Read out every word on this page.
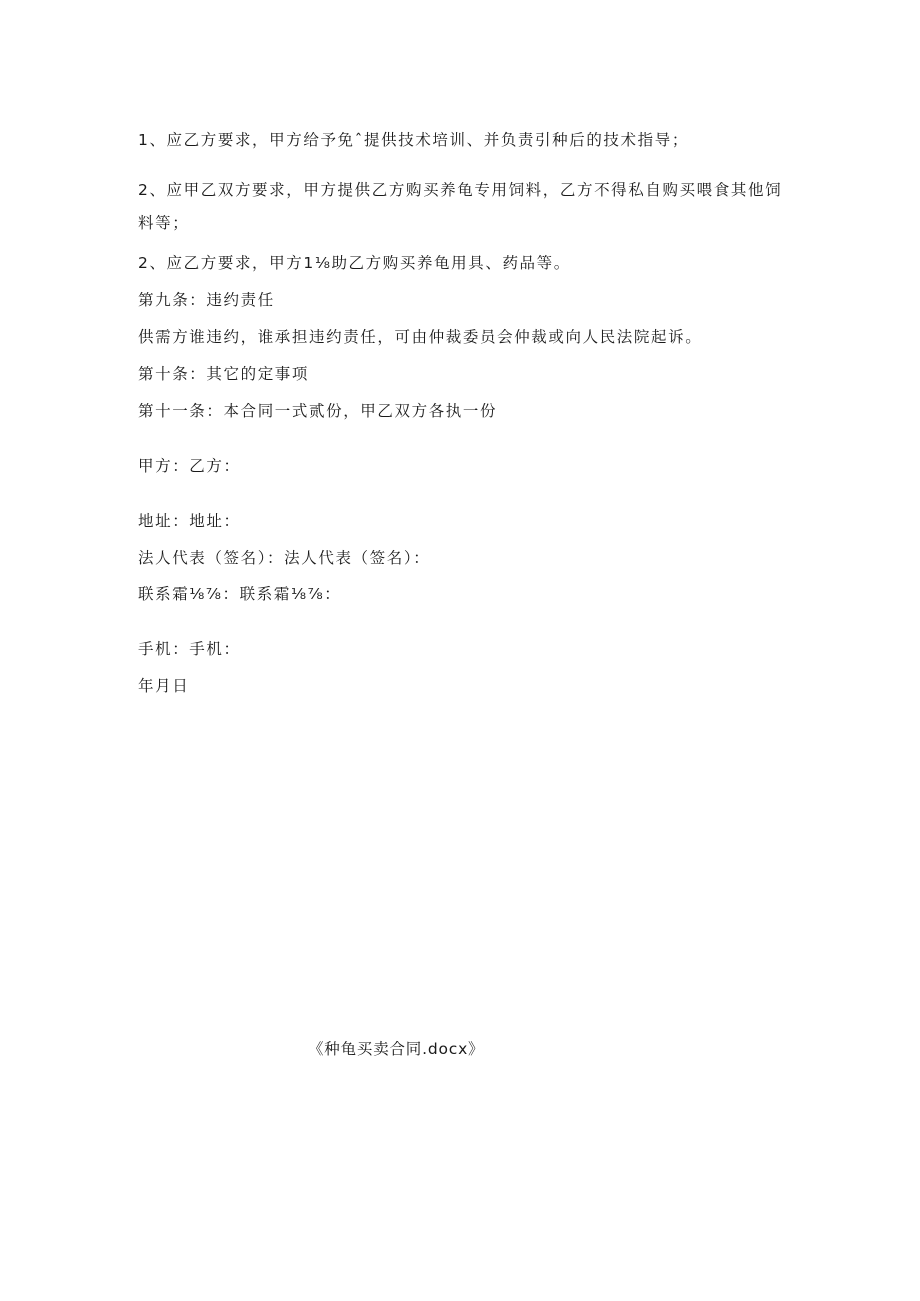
1、应乙方要求，甲方给予免ˆ提供技术培训、并负责引种后的技术指导；
2、应甲乙双方要求，甲方提供乙方购买养龟专用饲料，乙方不得私自购买喂食其他饲
料等；
2、应乙方要求，甲方1⅛助乙方购买养龟用具、药品等。
第九条：违约责任
供需方谁违约，谁承担违约责任，可由仲裁委员会仲裁或向人民法院起诉。
第十条：其它的定事项
第十一条：本合同一式贰份，甲乙双方各执一份
甲方：乙方：
地址：地址：
法人代表（签名）：法人代表（签名）：
联系霜⅛⅞：联系霜⅛⅞：
手机：手机：
年月日
《种龟买卖合同.docx》
